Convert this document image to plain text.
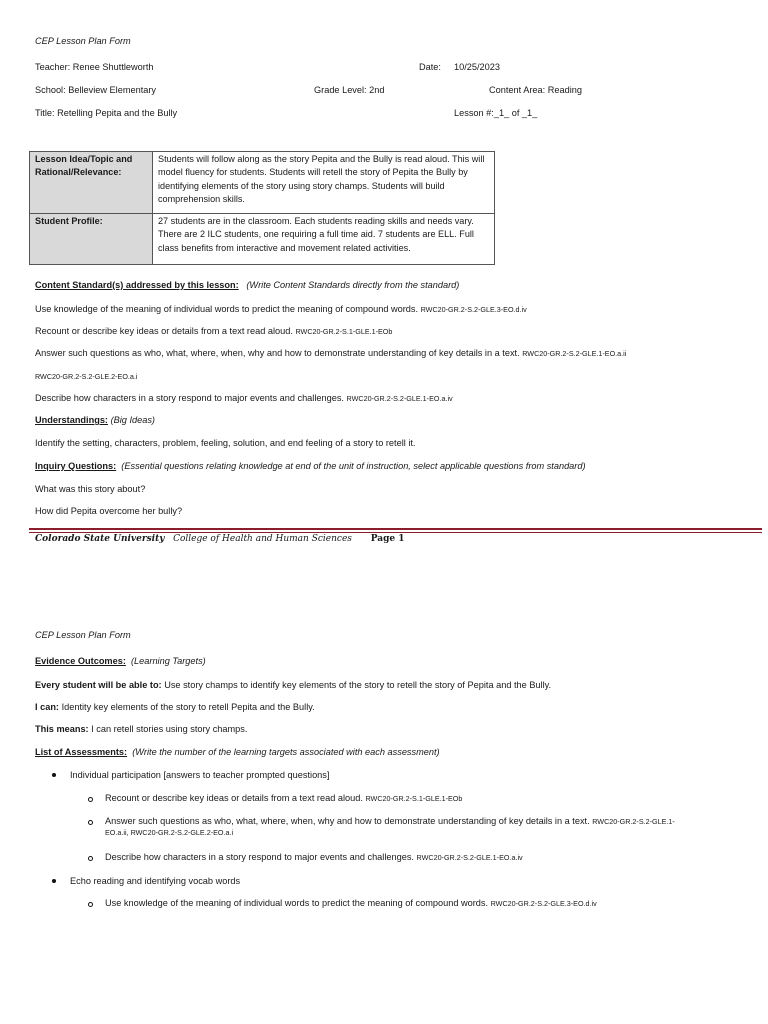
CEP Lesson Plan Form
Teacher: Renee Shuttleworth	Date: 10/25/2023
School: Belleview Elementary	Grade Level: 2nd	Content Area: Reading
Title: Retelling Pepita and the Bully	Lesson #:_1_ of _1_
Lesson Idea/Topic and Rational/Relevance:	Students will follow along as the story Pepita and the Bully is read aloud. This will model fluency for students. Students will retell the story of Pepita the Bully by identifying elements of the story using story champs. Students will build comprehension skills.
Student Profile:	27 students are in the classroom. Each students reading skills and needs vary. There are 2 ILC students, one requiring a full time aid. 7 students are ELL. Full class benefits from interactive and movement related activities.
Content Standard(s) addressed by this lesson: (Write Content Standards directly from the standard)
Use knowledge of the meaning of individual words to predict the meaning of compound words. RWC20-GR.2-S.2-GLE.3-EO.d.iv
Recount or describe key ideas or details from a text read aloud. RWC20-GR.2-S.1-GLE.1-EOb
Answer such questions as who, what, where, when, why and how to demonstrate understanding of key details in a text. RWC20-GR.2-S.2-GLE.1-EO.a.ii
RWC20-GR.2-S.2-GLE.2-EO.a.i
Describe how characters in a story respond to major events and challenges. RWC20-GR.2-S.2-GLE.1-EO.a.iv
Understandings: (Big Ideas)
Identify the setting, characters, problem, feeling, solution, and end feeling of a story to retell it.
Inquiry Questions: (Essential questions relating knowledge at end of the unit of instruction, select applicable questions from standard)
What was this story about?
How did Pepita overcome her bully?
Colorado State University College of Health and Human Sciences Page 1
CEP Lesson Plan Form
Evidence Outcomes: (Learning Targets)
Every student will be able to: Use story champs to identify key elements of the story to retell the story of Pepita and the Bully.
I can: Identity key elements of the story to retell Pepita and the Bully.
This means: I can retell stories using story champs.
List of Assessments: (Write the number of the learning targets associated with each assessment)
Individual participation [answers to teacher prompted questions]
Recount or describe key ideas or details from a text read aloud. RWC20-GR.2-S.1-GLE.1-EOb
Answer such questions as who, what, where, when, why and how to demonstrate understanding of key details in a text. RWC20-GR.2-S.2-GLE.1-
EO.a.ii, RWC20-GR.2-S.2-GLE.2-EO.a.i
Describe how characters in a story respond to major events and challenges. RWC20-GR.2-S.2-GLE.1-EO.a.iv
Echo reading and identifying vocab words
Use knowledge of the meaning of individual words to predict the meaning of compound words. RWC20-GR.2-S.2-GLE.3-EO.d.iv
